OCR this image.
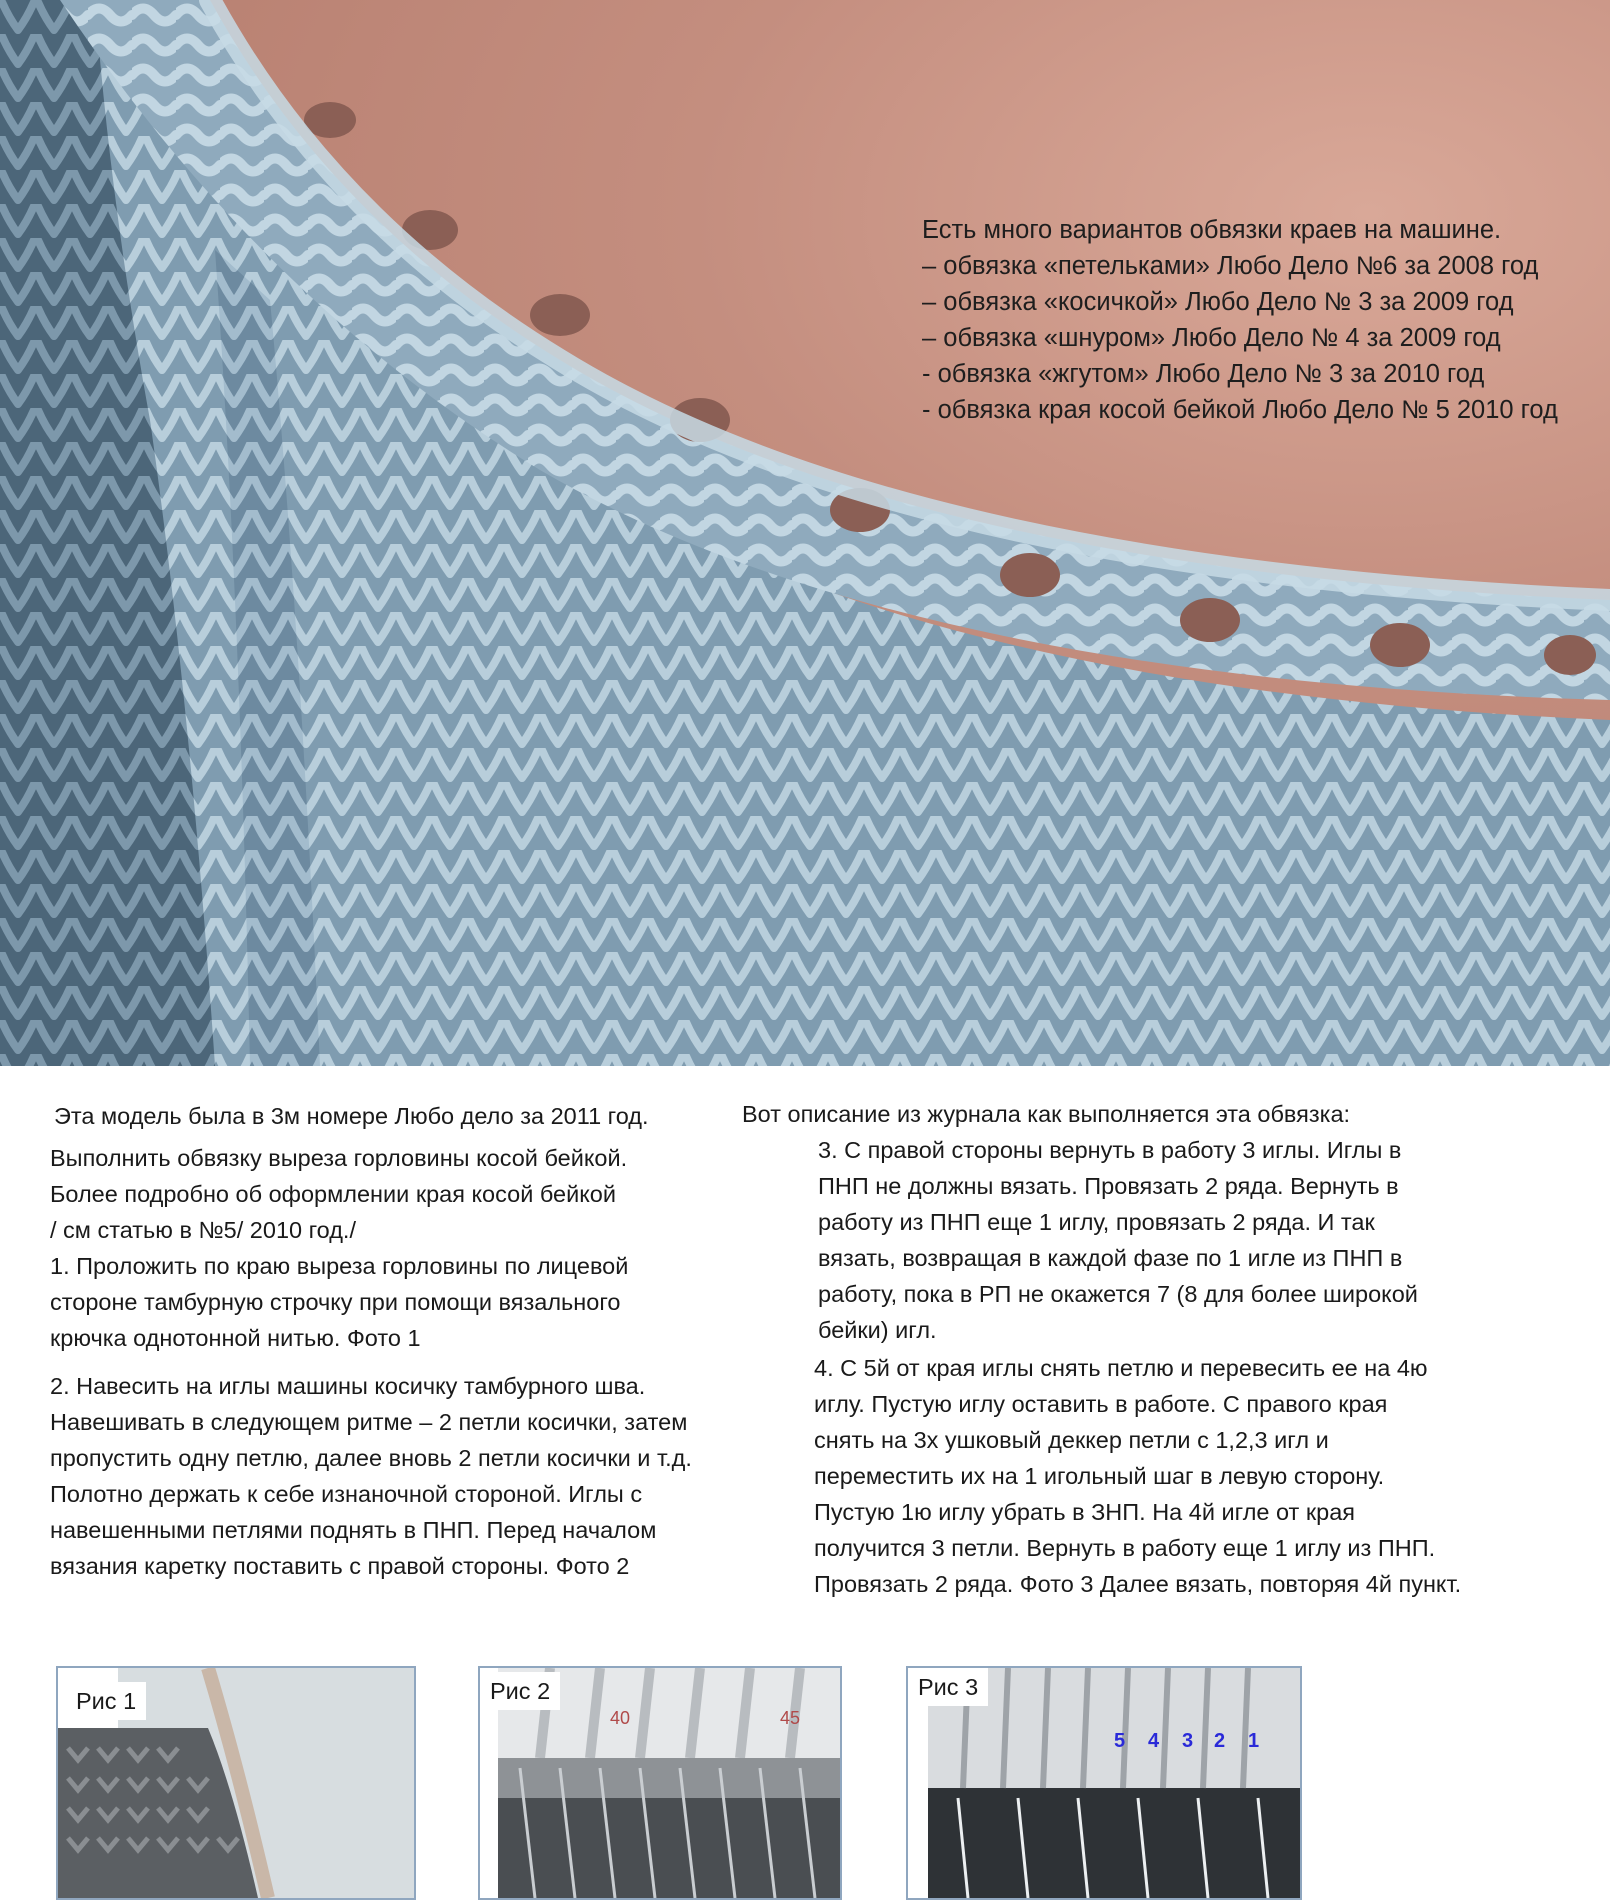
Есть много вариантов обвязки краев на машине.
– обвязка «петельками» Любо Дело №6 за 2008 год
– обвязка «косичкой» Любо Дело № 3 за 2009 год
– обвязка «шнуром» Любо Дело № 4 за 2009 год
- обвязка «жгутом» Любо Дело № 3 за 2010 год
- обвязка края косой бейкой Любо Дело № 5 2010 год
Эта модель была в 3м номере Любо дело за 2011 год.
Выполнить обвязку выреза горловины косой бейкой.
Более подробно об оформлении края косой бейкой
/ см статью в №5/ 2010 год./
1. Проложить по краю выреза горловины по лицевой
стороне тамбурную строчку при помощи вязального
крючка однотонной нитью. Фото 1
2. Навесить на иглы машины косичку тамбурного шва.
Навешивать в следующем ритме – 2 петли косички, затем
пропустить одну петлю, далее вновь 2 петли косички и т.д.
Полотно держать к себе изнаночной стороной. Иглы с
навешенными петлями поднять в ПНП. Перед началом
вязания каретку поставить с правой стороны. Фото 2
Вот описание из журнала как выполняется эта обвязка:
3. С правой стороны вернуть в работу 3 иглы. Иглы в
ПНП не должны вязать. Провязать 2 ряда. Вернуть в
работу из ПНП еще 1 иглу, провязать 2 ряда. И так
вязать, возвращая в каждой фазе по 1 игле из ПНП в
работу, пока в РП не окажется 7 (8 для более широкой
бейки) игл.
4. С 5й от края иглы снять петлю и перевесить ее на 4ю
иглу. Пустую иглу оставить в работе. С правого края
снять на 3х ушковый деккер петли с 1,2,3 игл и
переместить их на 1 игольный шаг в левую сторону.
Пустую 1ю иглу убрать в ЗНП. На 4й игле от края
получится 3 петли. Вернуть в работу еще 1 иглу из ПНП.
Провязать 2 ряда. Фото 3 Далее вязать, повторяя 4й пункт.
Рис 1
40	45
Рис 2
5 4 3 2 1
Рис 3
